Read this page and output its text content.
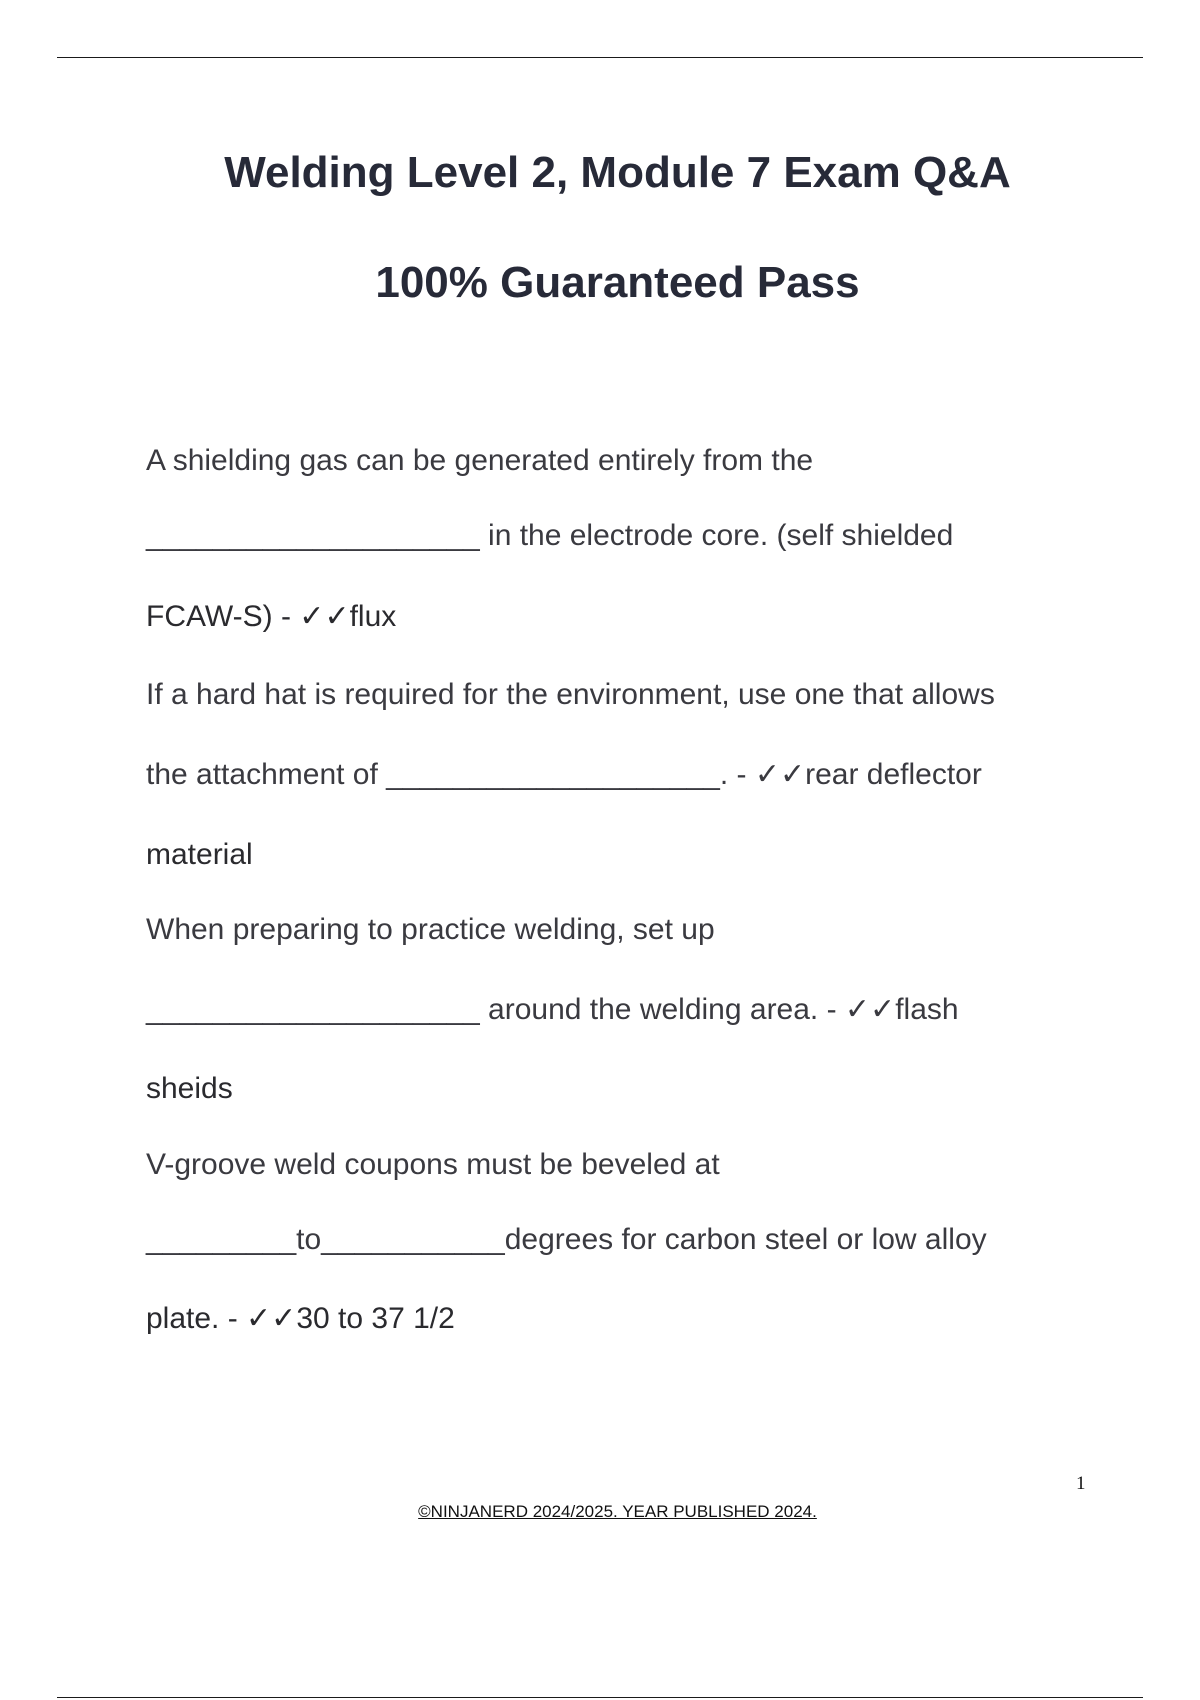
Welding Level 2, Module 7 Exam Q&A
100% Guaranteed Pass
A shielding gas can be generated entirely from the
____________________ in the electrode core. (self shielded
FCAW-S) - ✓✓flux
If a hard hat is required for the environment, use one that allows
the attachment of ____________________. - ✓✓rear deflector
material
When preparing to practice welding, set up
____________________ around the welding area. - ✓✓flash
sheids
V-groove weld coupons must be beveled at
_________to___________degrees for carbon steel or low alloy
plate. - ✓✓30 to 37 1/2
1
©NINJANERD 2024/2025. YEAR PUBLISHED 2024.
